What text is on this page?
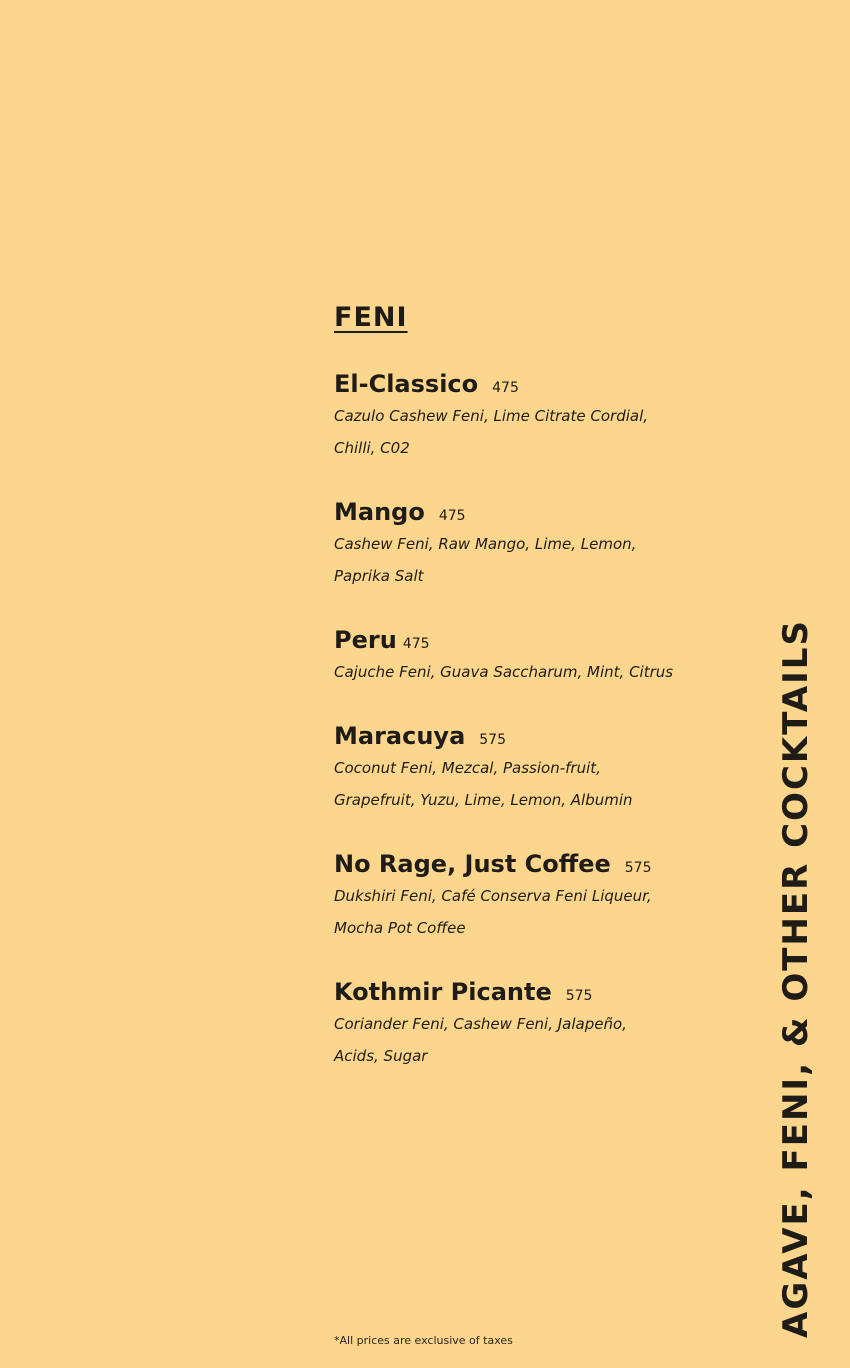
FENI
El-Classico 475
Cazulo Cashew Feni, Lime Citrate Cordial,
Chilli, C02
Mango 475
Cashew Feni, Raw Mango, Lime, Lemon,
Paprika Salt
Peru 475
Cajuche Feni, Guava Saccharum, Mint, Citrus
Maracuya 575
Coconut Feni, Mezcal, Passion-fruit,
Grapefruit, Yuzu, Lime, Lemon, Albumin
No Rage, Just Coffee 575
Dukshiri Feni, Café Conserva Feni Liqueur,
Mocha Pot Coffee
Kothmir Picante 575
Coriander Feni, Cashew Feni, Jalapeño,
Acids, Sugar
*All prices are exclusive of taxes
AGAVE, FENI, & OTHER COCKTAILS
